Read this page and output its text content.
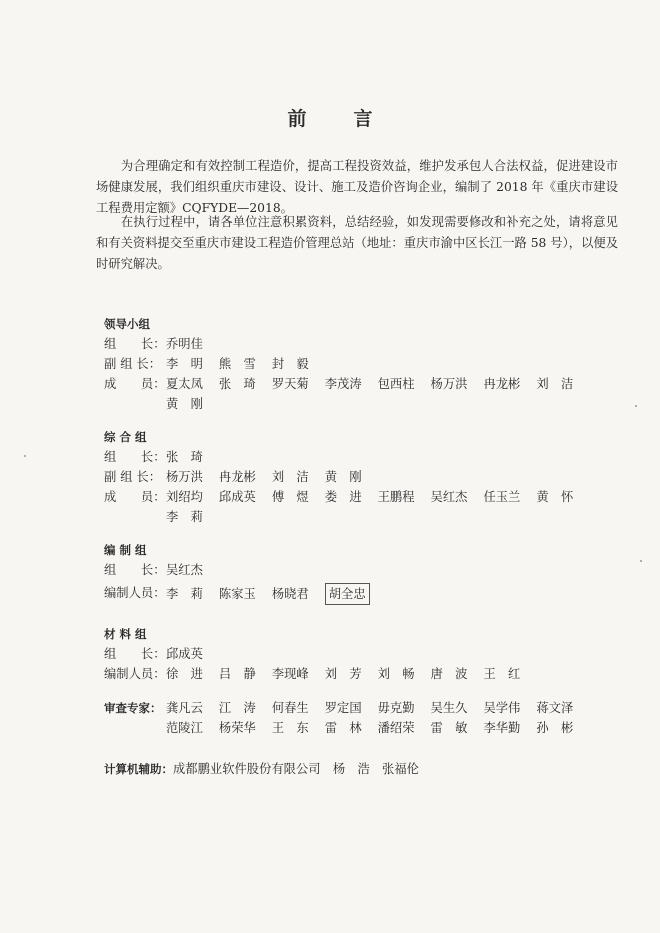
前　言
　　为合理确定和有效控制工程造价，提高工程投资效益，维护发承包人合法权益，促进建设市场健康发展，我们组织重庆市建设、设计、施工及造价咨询企业，编制了 2018 年《重庆市建设工程费用定额》CQFYDE—2018。
　　在执行过程中，请各单位注意积累资料，总结经验，如发现需要修改和补充之处，请将意见和有关资料提交至重庆市建设工程造价管理总站（地址：重庆市渝中区长江一路 58 号），以便及时研究解决。
领导小组
组　　长： 乔明佳
副 组 长： 李　明 熊　雪 封　毅
成　　员： 夏太凤 张　琦 罗天菊 李茂涛 包西柱 杨万洪 冉龙彬 刘　洁
黄　刚
综 合 组
组　　长： 张　琦
副 组 长： 杨万洪 冉龙彬 刘　洁 黄　刚
成　　员： 刘绍均 邱成英 傅　煜 娄　进 王鹏程 吴红杰 任玉兰 黄　怀
李　莉
编 制 组
组　　长： 吴红杰
编制人员： 李　莉 陈家玉 杨晓君 胡全忠
材 料 组
组　　长： 邱成英
编制人员： 徐　进 吕　静 李现峰 刘　芳 刘　畅 唐　波 王　红
审查专家： 龚凡云 江　涛 何春生 罗定国 毋克勤 吴生久 吴学伟 蒋文泽
范陵江 杨荣华 王　东 雷　林 潘绍荣 雷　敏 李华勤 孙　彬
计算机辅助：成都鹏业软件股份有限公司　杨　浩　张福伦
